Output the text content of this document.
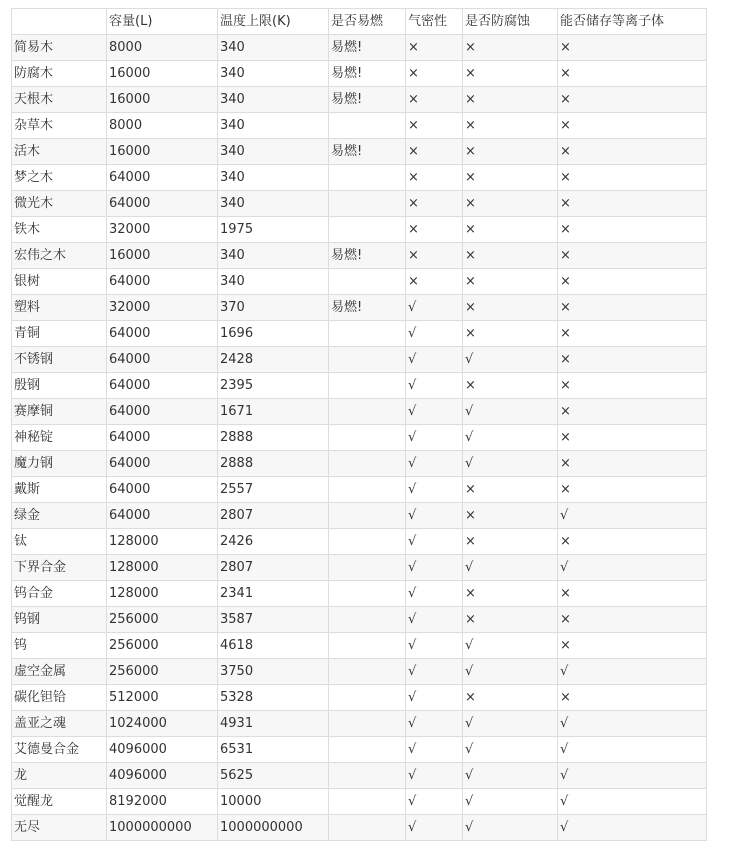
	容量(L)	温度上限(K)	是否易燃	气密性	是否防腐蚀	能否储存等离子体
简易木	8000	340	易燃!	×	×	×
防腐木	16000	340	易燃!	×	×	×
天根木	16000	340	易燃!	×	×	×
杂草木	8000	340		×	×	×
活木	16000	340	易燃!	×	×	×
梦之木	64000	340		×	×	×
微光木	64000	340		×	×	×
铁木	32000	1975		×	×	×
宏伟之木	16000	340	易燃!	×	×	×
银树	64000	340		×	×	×
塑料	32000	370	易燃!	√	×	×
青铜	64000	1696		√	×	×
不锈钢	64000	2428		√	√	×
殷钢	64000	2395		√	×	×
赛摩铜	64000	1671		√	√	×
神秘锭	64000	2888		√	√	×
魔力钢	64000	2888		√	√	×
戴斯	64000	2557		√	×	×
绿金	64000	2807		√	×	√
钛	128000	2426		√	×	×
下界合金	128000	2807		√	√	√
钨合金	128000	2341		√	×	×
钨钢	256000	3587		√	×	×
钨	256000	4618		√	√	×
虚空金属	256000	3750		√	√	√
碳化钽铪	512000	5328		√	×	×
盖亚之魂	1024000	4931		√	√	√
艾德曼合金	4096000	6531		√	√	√
龙	4096000	5625		√	√	√
觉醒龙	8192000	10000		√	√	√
无尽	1000000000	1000000000		√	√	√
